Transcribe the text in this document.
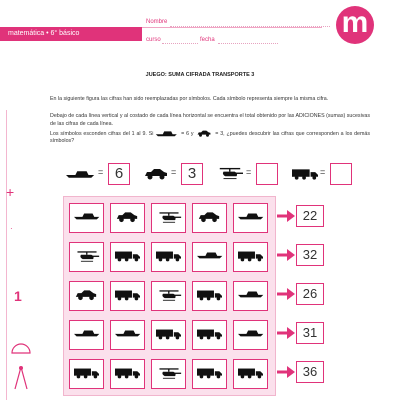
matemática • 6° básico
Nombre
curso	fecha
m
+
·
1
JUEGO: SUMA CIFRADA TRANSPORTE 3
En la siguiente figura las cifras han sido reemplazadas por símbolos. Cada símbolo representa siempre la misma cifra.
Debajo de cada línea vertical y al costado de cada línea horizontal se encuentra el total obtenido por las ADICIONES (sumas) sucesivas de las cifras de cada línea.
Los símbolos esconden cifras del 1 al 9. Si	= 6 y	= 3, ¿puedes descubrir las cifras que corresponden a los demás símbolos?
= 6	= 3	=	=
22
32
26
31
36
